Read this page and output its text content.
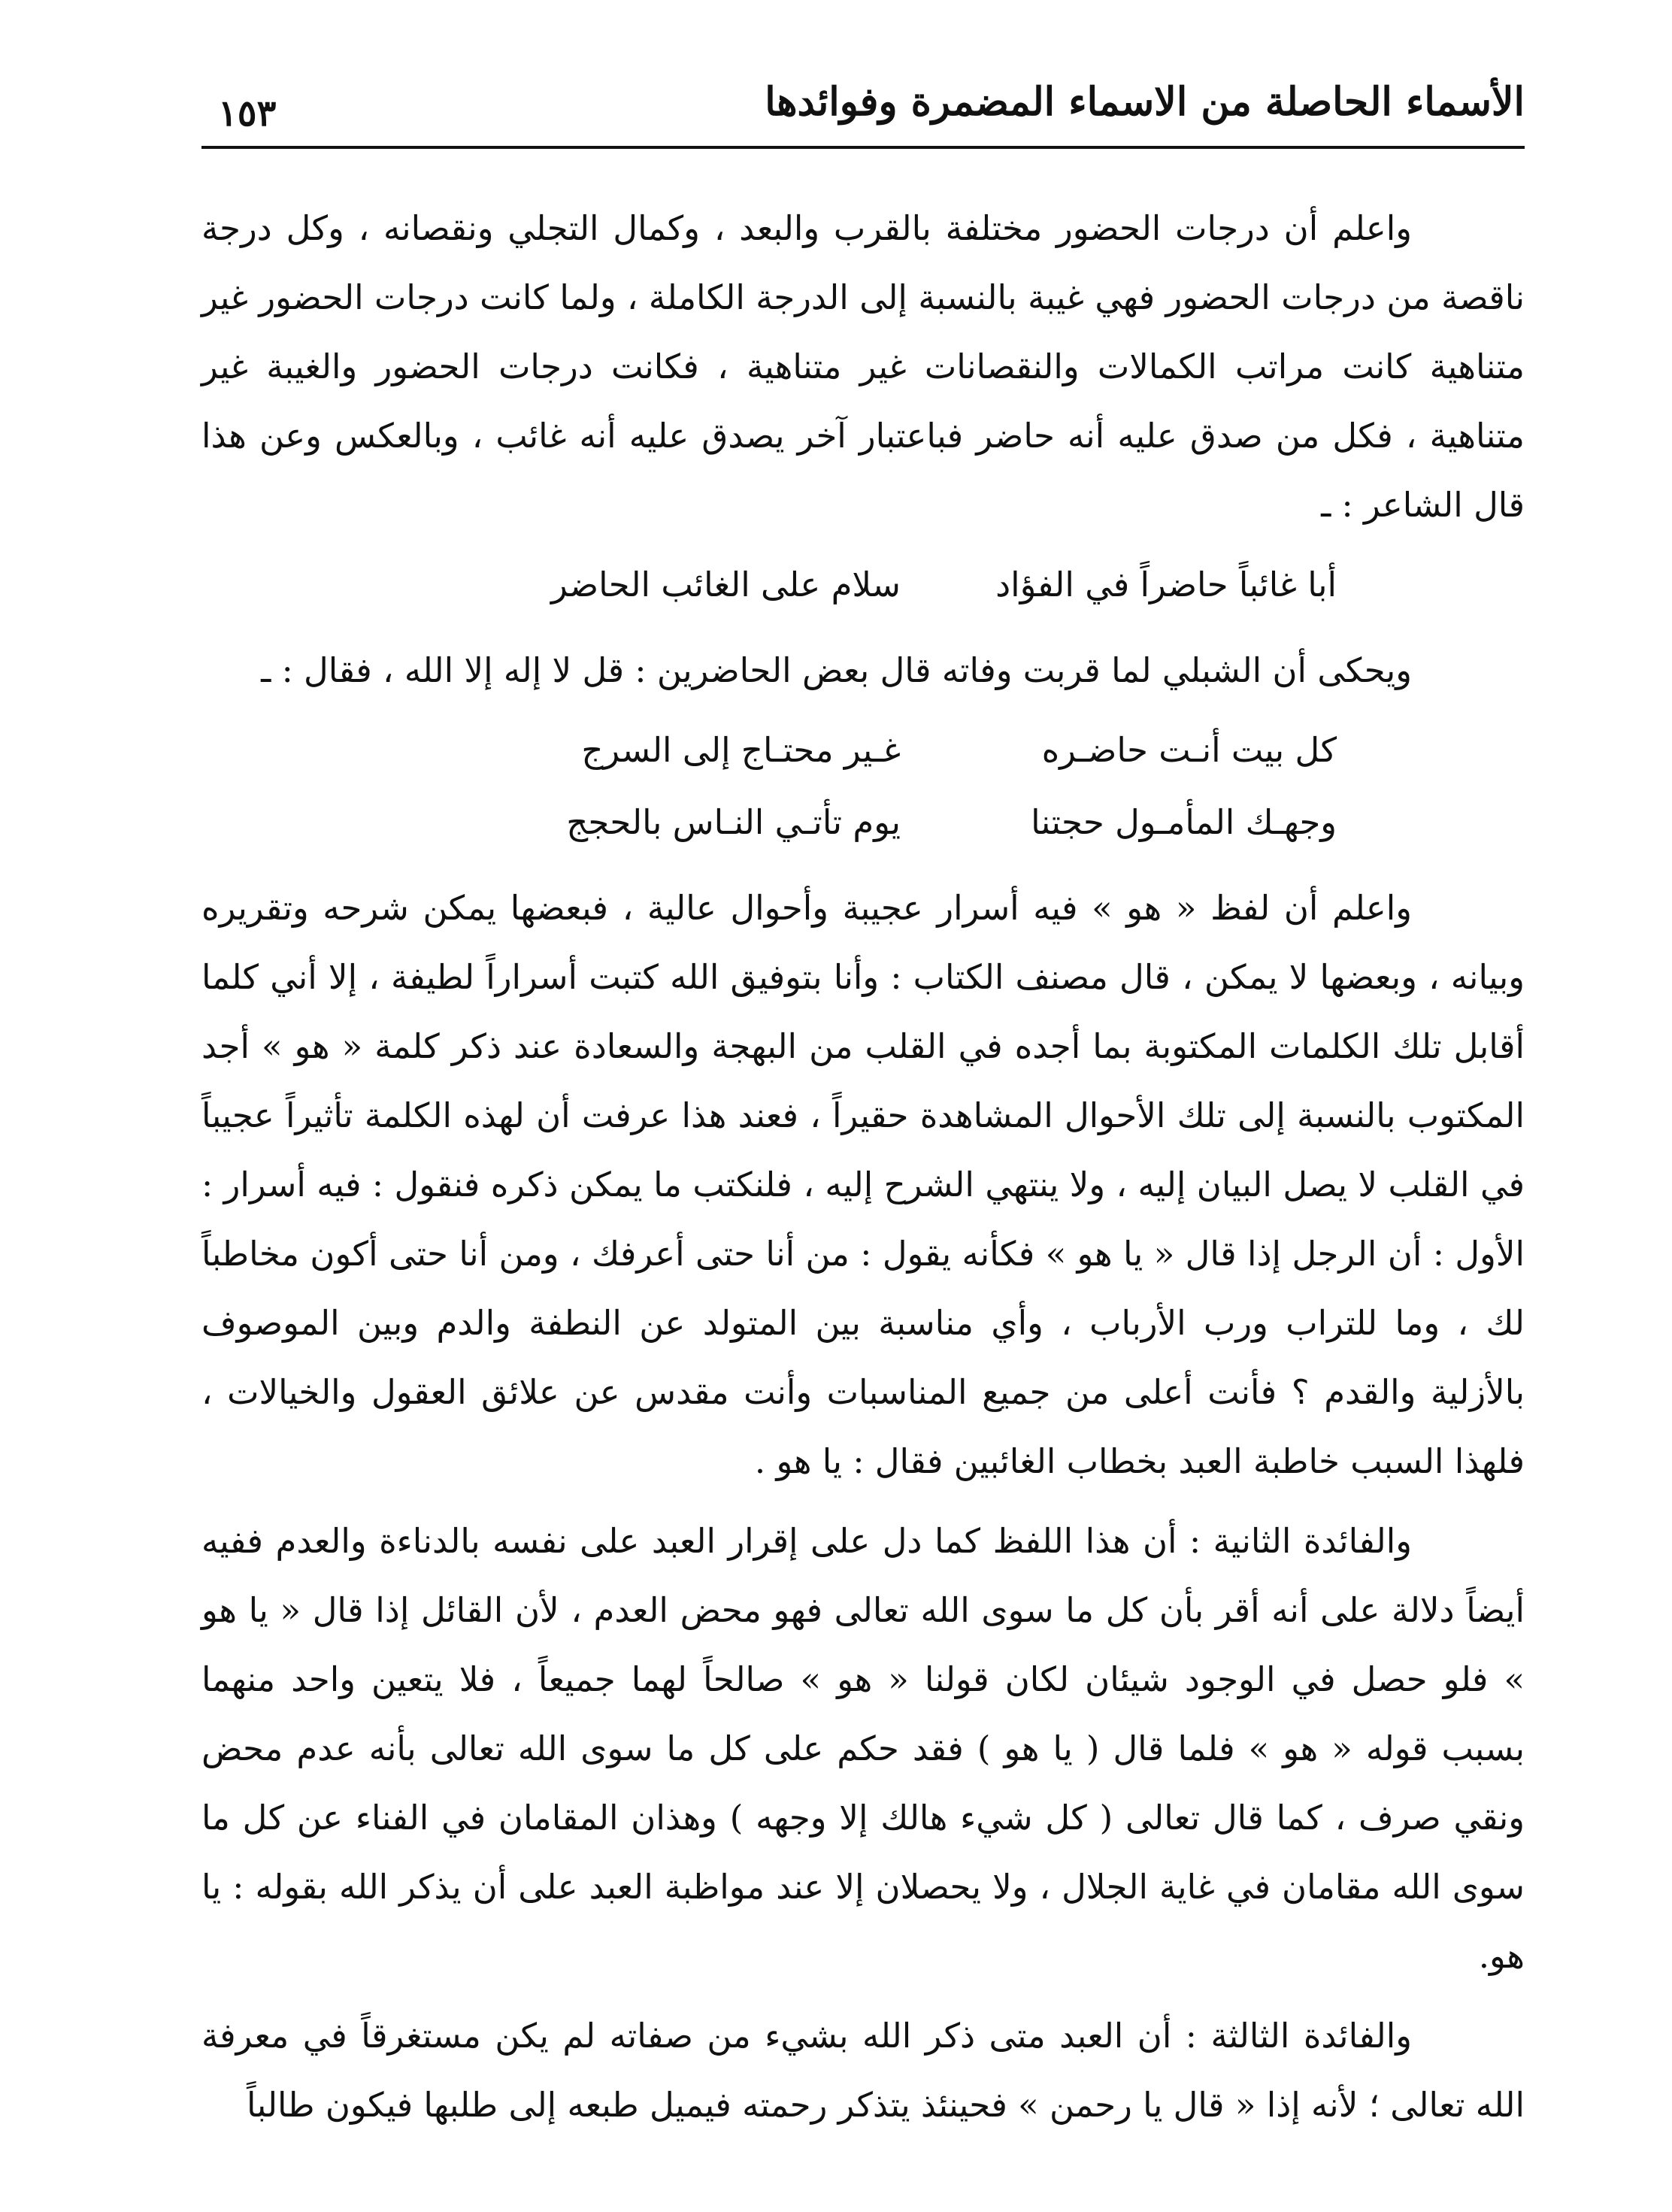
الأسماء الحاصلة من الاسماء المضمرة وفوائدها
١٥٣

واعلم أن درجات الحضور مختلفة بالقرب والبعد ، وكمال التجلي ونقصانه ، وكل درجة ناقصة من درجات الحضور فهي غيبة بالنسبة إلى الدرجة الكاملة ، ولما كانت درجات الحضور غير متناهية كانت مراتب الكمالات والنقصانات غير متناهية ، فكانت درجات الحضور والغيبة غير متناهية ، فكل من صدق عليه أنه حاضر فباعتبار آخر يصدق عليه أنه غائب ، وبالعكس وعن هذا قال الشاعر : ـ

أبا غائباً حاضراً في الفؤاد
سلام على الغائب الحاضر

ويحكى أن الشبلي لما قربت وفاته قال بعض الحاضرين : قل لا إله إلا الله ، فقال : ـ

كل بيت أنـت حاضـره
غـير محتـاج إلى السرج
وجهـك المأمـول حجتنا
يوم تأتـي النـاس بالحجج

واعلم أن لفظ « هو » فيه أسرار عجيبة وأحوال عالية ، فبعضها يمكن شرحه وتقريره وبيانه ، وبعضها لا يمكن ، قال مصنف الكتاب : وأنا بتوفيق الله كتبت أسراراً لطيفة ، إلا أني كلما أقابل تلك الكلمات المكتوبة بما أجده في القلب من البهجة والسعادة عند ذكر كلمة « هو » أجد المكتوب بالنسبة إلى تلك الأحوال المشاهدة حقيراً ، فعند هذا عرفت أن لهذه الكلمة تأثيراً عجيباً في القلب لا يصل البيان إليه ، ولا ينتهي الشرح إليه ، فلنكتب ما يمكن ذكره فنقول : فيه أسرار : الأول : أن الرجل إذا قال « يا هو » فكأنه يقول : من أنا حتى أعرفك ، ومن أنا حتى أكون مخاطباً لك ، وما للتراب ورب الأرباب ، وأي مناسبة بين المتولد عن النطفة والدم وبين الموصوف بالأزلية والقدم ؟ فأنت أعلى من جميع المناسبات وأنت مقدس عن علائق العقول والخيالات ، فلهذا السبب خاطبة العبد بخطاب الغائبين فقال : يا هو .

والفائدة الثانية : أن هذا اللفظ كما دل على إقرار العبد على نفسه بالدناءة والعدم ففيه أيضاً دلالة على أنه أقر بأن كل ما سوى الله تعالى فهو محض العدم ، لأن القائل إذا قال « يا هو » فلو حصل في الوجود شيئان لكان قولنا « هو » صالحاً لهما جميعاً ، فلا يتعين واحد منهما بسبب قوله « هو » فلما قال ( يا هو ) فقد حكم على كل ما سوى الله تعالى بأنه عدم محض ونقي صرف ، كما قال تعالى ( كل شيء هالك إلا وجهه ) وهذان المقامان في الفناء عن كل ما سوى الله مقامان في غاية الجلال ، ولا يحصلان إلا عند مواظبة العبد على أن يذكر الله بقوله : يا هو.

والفائدة الثالثة : أن العبد متى ذكر الله بشيء من صفاته لم يكن مستغرقاً في معرفة الله تعالى ؛ لأنه إذا « قال يا رحمن » فحينئذ يتذكر رحمته فيميل طبعه إلى طلبها فيكون طالباً
